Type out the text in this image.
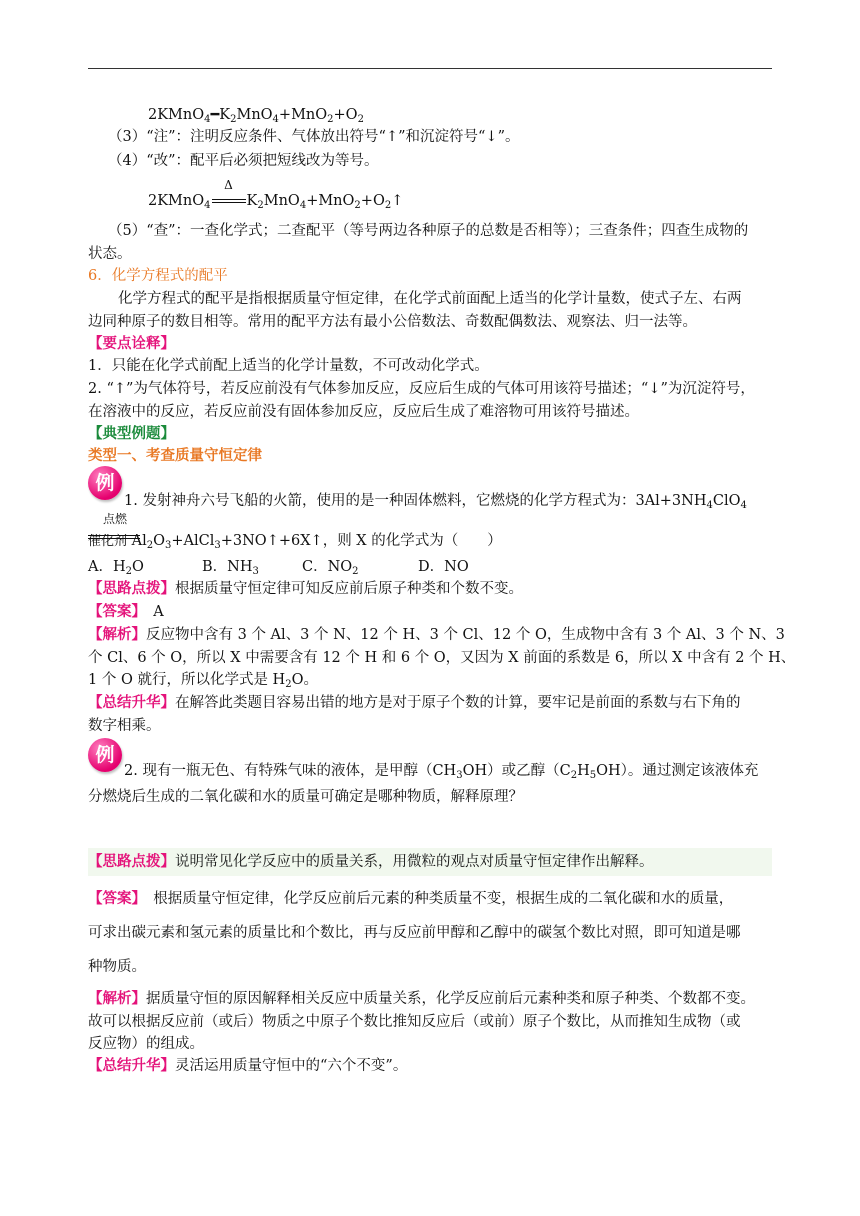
$2KMnO_4━K_2MnO_4+MnO_2+O_2$
（3）“注”：注明反应条件、气体放出符号“↑”和沉淀符号“↓”。
（4）“改”：配平后必须把短线改为等号。
2KMnO$_4$
Δ
$K_2MnO_4+MnO_2+O_2↑$
（5）“查”：一查化学式；二查配平（等号两边各种原子的总数是否相等）；三查条件；四查生成物的
状态。
6．化学方程式的配平
化学方程式的配平是指根据质量守恒定律，在化学式前面配上适当的化学计量数，使式子左、右两
边同种原子的数目相等。常用的配平方法有最小公倍数法、奇数配偶数法、观察法、归一法等。
【要点诠释】
1．只能在化学式前配上适当的化学计量数，不可改动化学式。
2. “↑”为气体符号，若反应前没有气体参加反应，反应后生成的气体可用该符号描述；“↓”为沉淀符号，
在溶液中的反应，若反应前没有固体参加反应，反应后生成了难溶物可用该符号描述。
【典型例题】
类型一、考查质量守恒定律
例
1. 发射神舟六号飞船的火箭，使用的是一种固体燃料，它燃烧的化学方程式为：$3Al+3NH_4ClO_4$
点燃
催化剂 $Al_2O_3+AlCl_3+3NO↑+6X↑$，则 X 的化学式为（　　）
A．$H_2O$	B．$NH_3$	C．$NO_2$	D．NO
【思路点拨】根据质量守恒定律可知反应前后原子种类和个数不变。
【答案】　A
【解析】反应物中含有 3 个 Al、3 个 N、12 个 H、3 个 Cl、12 个 O，生成物中含有 3 个 Al、3 个 N、3
个 Cl、6 个 O，所以 X 中需要含有 12 个 H 和 6 个 O，又因为 X 前面的系数是 6，所以 X 中含有 2 个 H、
1 个 O 就行，所以化学式是 $H_2O$。
【总结升华】在解答此类题目容易出错的地方是对于原子个数的计算，要牢记是前面的系数与右下角的
数字相乘。
例
2. 现有一瓶无色、有特殊气味的液体，是甲醇$(CH_3OH)$或乙醇$(C_2H_5OH)$。通过测定该液体充
分燃烧后生成的二氧化碳和水的质量可确定是哪种物质，解释原理？
【思路点拨】说明常见化学反应中的质量关系，用微粒的观点对质量守恒定律作出解释。
【答案】　根据质量守恒定律，化学反应前后元素的种类质量不变，根据生成的二氧化碳和水的质量，
可求出碳元素和氢元素的质量比和个数比，再与反应前甲醇和乙醇中的碳氢个数比对照，即可知道是哪
种物质。
【解析】据质量守恒的原因解释相关反应中质量关系，化学反应前后元素种类和原子种类、个数都不变。
故可以根据反应前（或后）物质之中原子个数比推知反应后（或前）原子个数比，从而推知生成物（或
反应物）的组成。
【总结升华】灵活运用质量守恒中的“六个不变”。
